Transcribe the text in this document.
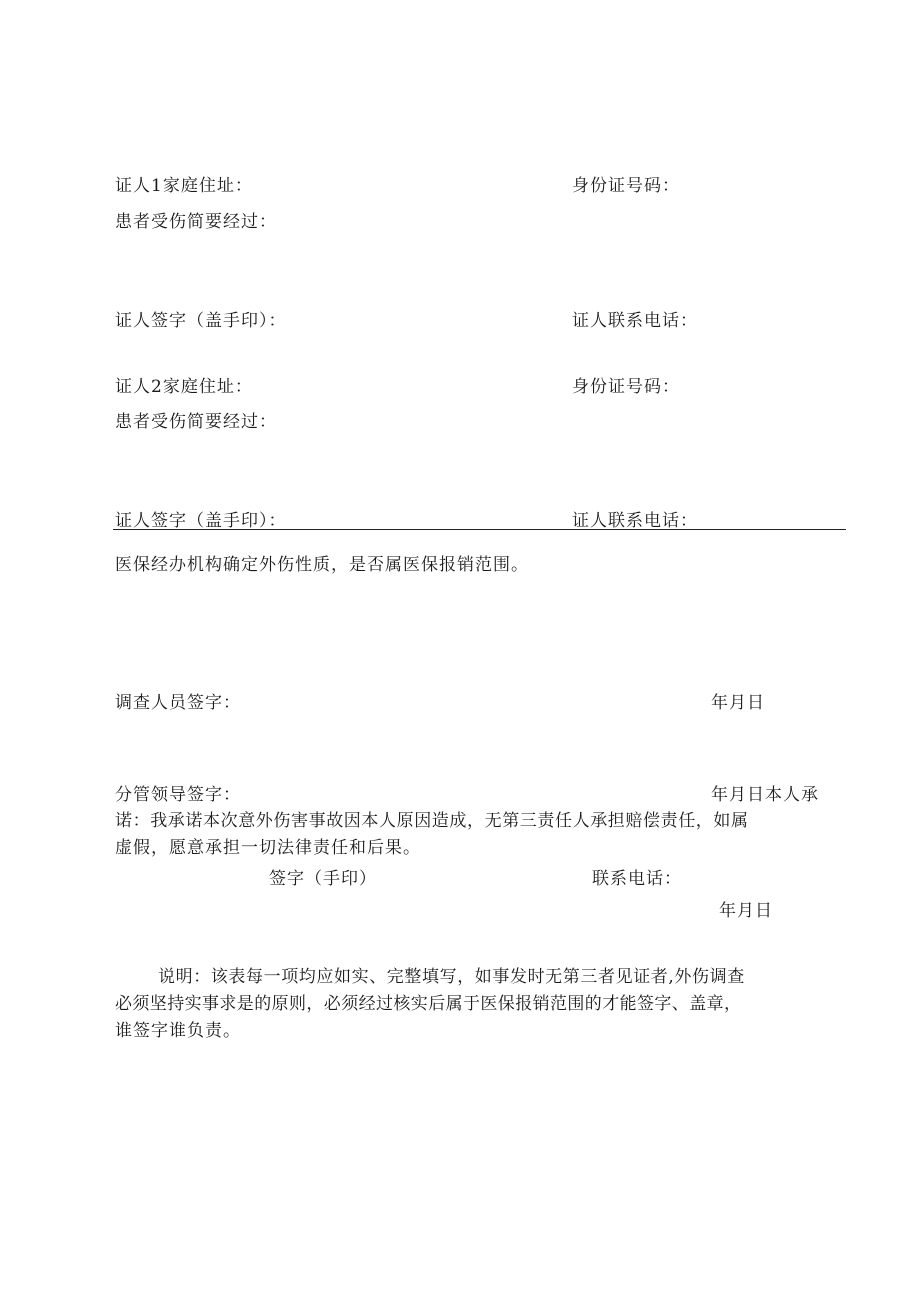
证人1家庭住址：	身份证号码：
患者受伤简要经过：
证人签字（盖手印）：	证人联系电话：
证人2家庭住址：	身份证号码：
患者受伤简要经过：
证人签字（盖手印）：	证人联系电话：
医保经办机构确定外伤性质，是否属医保报销范围。
调查人员签字：	年月日
分管领导签字：	年月日本人承
诺：我承诺本次意外伤害事故因本人原因造成，无第三责任人承担赔偿责任，如属
虚假，愿意承担一切法律责任和后果。
签字（手印）	联系电话：
年月日
说明：该表每一项均应如实、完整填写，如事发时无第三者见证者,外伤调查
必须坚持实事求是的原则，必须经过核实后属于医保报销范围的才能签字、盖章，
谁签字谁负责。
